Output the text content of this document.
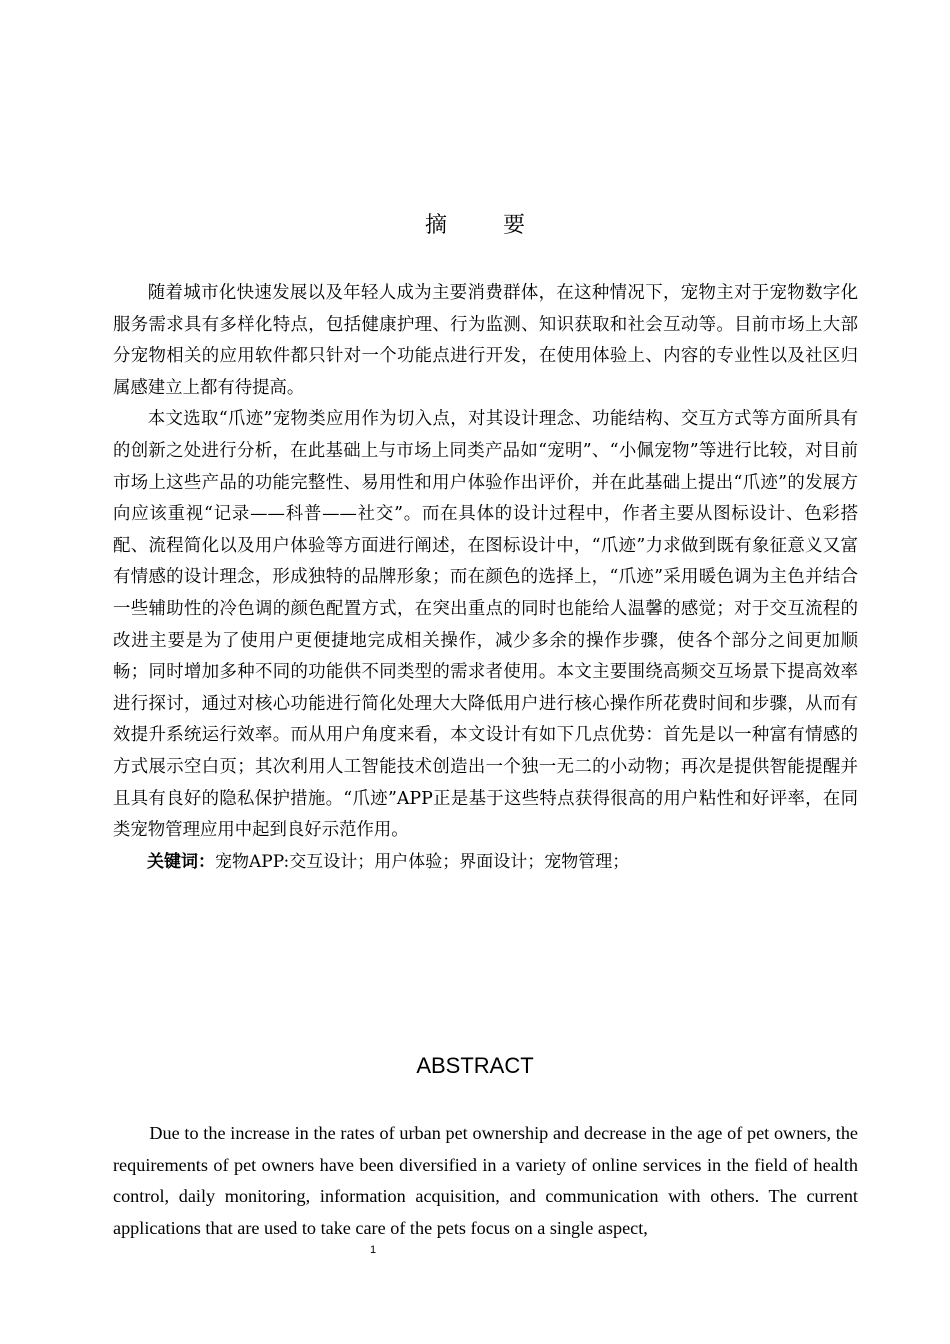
摘	要

随着城市化快速发展以及年轻人成为主要消费群体，在这种情况下，宠物主对于宠物数字化服务需求具有多样化特点，包括健康护理、行为监测、知识获取和社会互动等。目前市场上大部分宠物相关的应用软件都只针对一个功能点进行开发，在使用体验上、内容的专业性以及社区归属感建立上都有待提高。

本文选取“爪迹”宠物类应用作为切入点，对其设计理念、功能结构、交互方式等方面所具有的创新之处进行分析，在此基础上与市场上同类产品如“宠明”、“小佩宠物”等进行比较，对目前市场上这些产品的功能完整性、易用性和用户体验作出评价，并在此基础上提出“爪迹”的发展方向应该重视“记录——科普——社交”。而在具体的设计过程中，作者主要从图标设计、色彩搭配、流程简化以及用户体验等方面进行阐述，在图标设计中，“爪迹”力求做到既有象征意义又富有情感的设计理念，形成独特的品牌形象；而在颜色的选择上，“爪迹”采用暖色调为主色并结合一些辅助性的冷色调的颜色配置方式，在突出重点的同时也能给人温馨的感觉；对于交互流程的改进主要是为了使用户更便捷地完成相关操作，减少多余的操作步骤，使各个部分之间更加顺畅；同时增加多种不同的功能供不同类型的需求者使用。本文主要围绕高频交互场景下提高效率进行探讨，通过对核心功能进行简化处理大大降低用户进行核心操作所花费时间和步骤，从而有效提升系统运行效率。而从用户角度来看，本文设计有如下几点优势：首先是以一种富有情感的方式展示空白页；其次利用人工智能技术创造出一个独一无二的小动物；再次是提供智能提醒并且具有良好的隐私保护措施。“爪迹”APP正是基于这些特点获得很高的用户粘性和好评率，在同类宠物管理应用中起到良好示范作用。

关键词：宠物APP:交互设计；用户体验；界面设计；宠物管理；

ABSTRACT

Due to the increase in the rates of urban pet ownership and decrease in the age of pet owners, the requirements of pet owners have been diversified in a variety of online services in the field of health control, daily monitoring, information acquisition, and communication with others. The current applications that are used to take care of the pets focus on a single aspect,

1
